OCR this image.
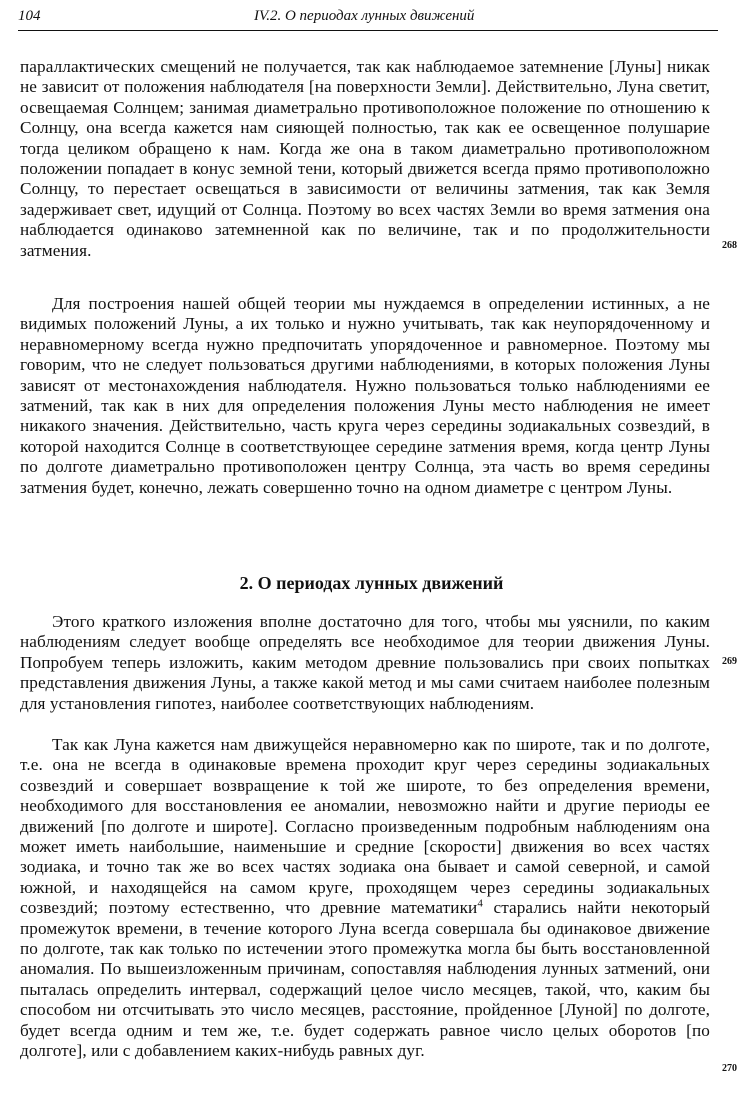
104	IV.2. О периодах лунных движений
параллактических смещений не получается, так как наблюдаемое затемнение [Луны] никак не зависит от положения наблюдателя [на поверхности Земли]. Действительно, Луна светит, освещаемая Солнцем; занимая диаметрально противоположное положение по отношению к Солнцу, она всегда кажется нам сияющей полностью, так как ее освещенное полушарие тогда целиком обращено к нам. Когда же она в таком диаметрально противоположном положении попадает в конус земной тени, который движется всегда прямо противоположно Солнцу, то перестает освещаться в зависимости от величины затмения, так как Земля задерживает свет, идущий от Солнца. Поэтому во всех частях Земли во время затмения она наблюдается одинаково затемненной как по величине, так и по продолжительности затмения.	268
Для построения нашей общей теории мы нуждаемся в определении истинных, а не видимых положений Луны, а их только и нужно учитывать, так как неупорядоченному и неравномерному всегда нужно предпочитать упорядоченное и равномерное. Поэтому мы говорим, что не следует пользоваться другими наблюдениями, в которых положения Луны зависят от местонахождения наблюдателя. Нужно пользоваться только наблюдениями ее затмений, так как в них для определения положения Луны место наблюдения не имеет никакого значения. Действительно, часть круга через середины зодиакальных созвездий, в которой находится Солнце в соответствующее середине затмения время, когда центр Луны по долготе диаметрально противоположен центру Солнца, эта часть во время середины затмения будет, конечно, лежать совершенно точно на одном диаметре с центром Луны.
2. О периодах лунных движений
Этого краткого изложения вполне достаточно для того, чтобы мы уяснили, по каким наблюдениям следует вообще определять все необходимое для теории движения Луны. Попробуем теперь изложить, каким методом древние пользовались при своих попытках представления движения Луны, а также какой метод и мы сами считаем наиболее полезным для установления гипотез, наиболее соответствующих наблюдениям.
269
Так как Луна кажется нам движущейся неравномерно как по широте, так и по долготе, т.е. она не всегда в одинаковые времена проходит круг через середины зодиакальных созвездий и совершает возвращение к той же широте, то без определения времени, необходимого для восстановления ее аномалии, невозможно найти и другие периоды ее движений [по долготе и широте]. Согласно произведенным подробным наблюдениям она может иметь наибольшие, наименьшие и средние [скорости] движения во всех частях зодиака, и точно так же во всех частях зодиака она бывает и самой северной, и самой южной, и находящейся на самом круге, проходящем через середины зодиакальных созвездий; поэтому естественно, что древние математики$^4$ старались найти некоторый промежуток времени, в течение которого Луна всегда совершала бы одинаковое движение по долготе, так как только по истечении этого промежутка могла бы быть восстановленной аномалия. По вышеизложенным причинам, сопоставляя наблюдения лунных затмений, они пыталась определить интервал, содержащий целое число месяцев, такой, что, каким бы способом ни отсчитывать это число месяцев, расстояние, пройденное [Луной] по долготе, будет всегда одним и тем же, т.е. будет содержать равное число целых оборотов [по долготе], или с добавлением каких-нибудь равных дуг.
270
